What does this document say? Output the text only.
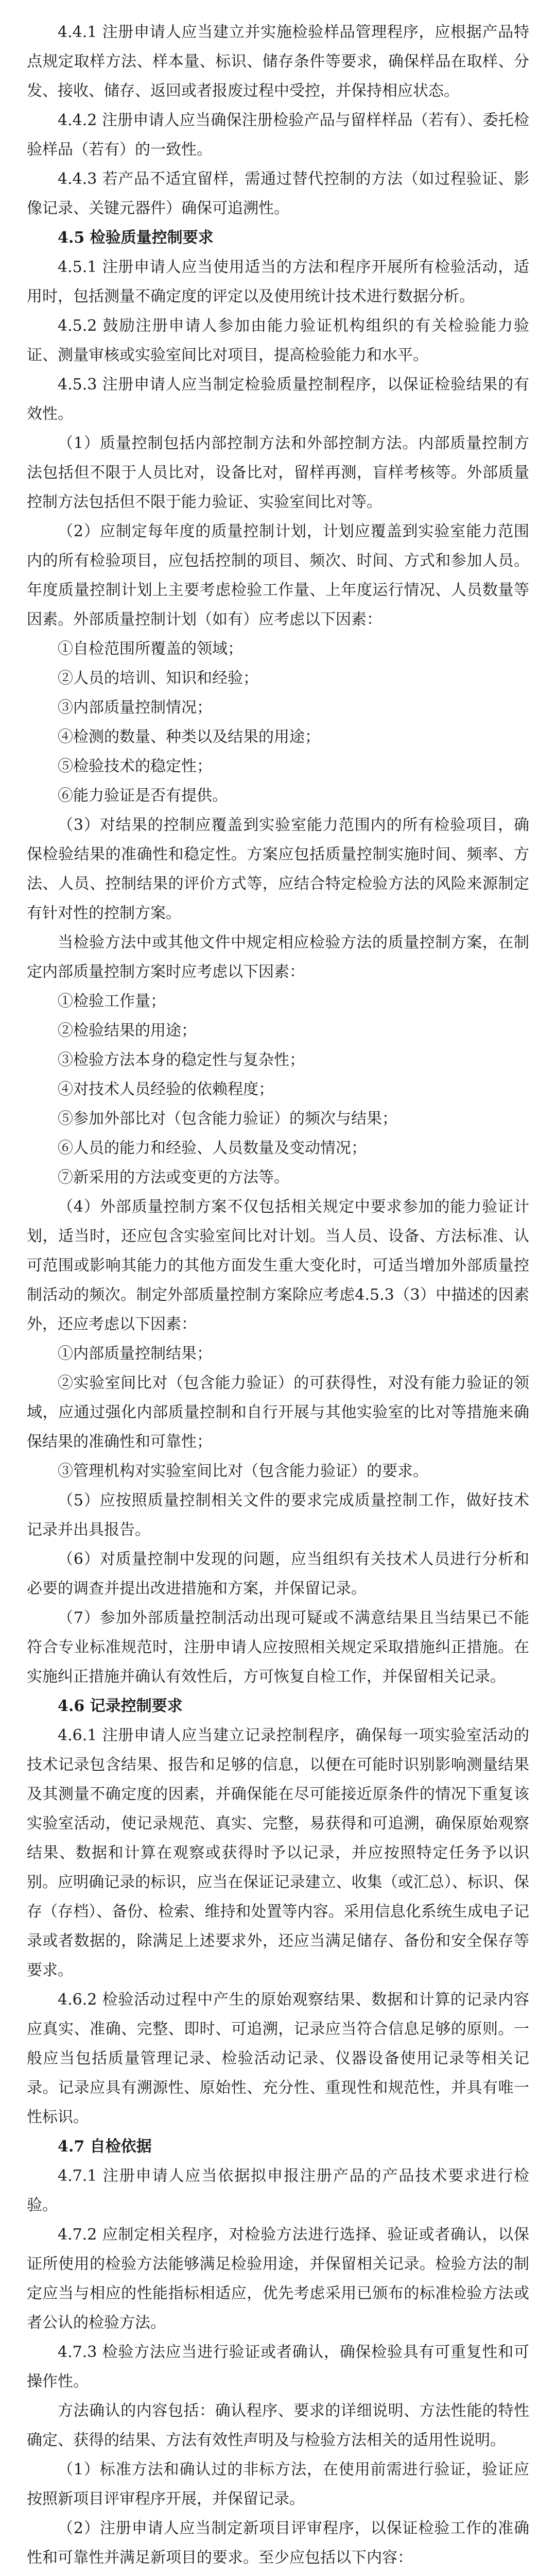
4.4.1 注册申请人应当建立并实施检验样品管理程序，应根据产品特点规定取样方法、样本量、标识、储存条件等要求，确保样品在取样、分发、接收、储存、返回或者报废过程中受控，并保持相应状态。

4.4.2 注册申请人应当确保注册检验产品与留样样品（若有）、委托检验样品（若有）的一致性。

4.4.3 若产品不适宜留样，需通过替代控制的方法（如过程验证、影像记录、关键元器件）确保可追溯性。

4.5 检验质量控制要求

4.5.1 注册申请人应当使用适当的方法和程序开展所有检验活动，适用时，包括测量不确定度的评定以及使用统计技术进行数据分析。

4.5.2 鼓励注册申请人参加由能力验证机构组织的有关检验能力验证、测量审核或实验室间比对项目，提高检验能力和水平。

4.5.3 注册申请人应当制定检验质量控制程序，以保证检验结果的有效性。

（1）质量控制包括内部控制方法和外部控制方法。内部质量控制方法包括但不限于人员比对，设备比对，留样再测，盲样考核等。外部质量控制方法包括但不限于能力验证、实验室间比对等。

（2）应制定每年度的质量控制计划，计划应覆盖到实验室能力范围内的所有检验项目，应包括控制的项目、频次、时间、方式和参加人员。年度质量控制计划上主要考虑检验工作量、上年度运行情况、人员数量等因素。外部质量控制计划（如有）应考虑以下因素：

①自检范围所覆盖的领域；

②人员的培训、知识和经验；

③内部质量控制情况；

④检测的数量、种类以及结果的用途；

⑤检验技术的稳定性；

⑥能力验证是否有提供。

（3）对结果的控制应覆盖到实验室能力范围内的所有检验项目，确保检验结果的准确性和稳定性。方案应包括质量控制实施时间、频率、方法、人员、控制结果的评价方式等，应结合特定检验方法的风险来源制定有针对性的控制方案。

当检验方法中或其他文件中规定相应检验方法的质量控制方案，在制定内部质量控制方案时应考虑以下因素：

①检验工作量；

②检验结果的用途；

③检验方法本身的稳定性与复杂性；

④对技术人员经验的依赖程度；

⑤参加外部比对（包含能力验证）的频次与结果；

⑥人员的能力和经验、人员数量及变动情况；

⑦新采用的方法或变更的方法等。

（4）外部质量控制方案不仅包括相关规定中要求参加的能力验证计划，适当时，还应包含实验室间比对计划。当人员、设备、方法标准、认可范围或影响其能力的其他方面发生重大变化时，可适当增加外部质量控制活动的频次。制定外部质量控制方案除应考虑4.5.3（3）中描述的因素外，还应考虑以下因素：

①内部质量控制结果；

②实验室间比对（包含能力验证）的可获得性，对没有能力验证的领域，应通过强化内部质量控制和自行开展与其他实验室的比对等措施来确保结果的准确性和可靠性；

③管理机构对实验室间比对（包含能力验证）的要求。

（5）应按照质量控制相关文件的要求完成质量控制工作，做好技术记录并出具报告。

（6）对质量控制中发现的问题，应当组织有关技术人员进行分析和必要的调查并提出改进措施和方案，并保留记录。

（7）参加外部质量控制活动出现可疑或不满意结果且当结果已不能符合专业标准规范时，注册申请人应按照相关规定采取措施纠正措施。在实施纠正措施并确认有效性后，方可恢复自检工作，并保留相关记录。

4.6 记录控制要求

4.6.1 注册申请人应当建立记录控制程序，确保每一项实验室活动的技术记录包含结果、报告和足够的信息，以便在可能时识别影响测量结果及其测量不确定度的因素，并确保能在尽可能接近原条件的情况下重复该实验室活动，使记录规范、真实、完整，易获得和可追溯，确保原始观察结果、数据和计算在观察或获得时予以记录，并应按照特定任务予以识别。应明确记录的标识，应当在保证记录建立、收集（或汇总）、标识、保存（存档）、备份、检索、维持和处置等内容。采用信息化系统生成电子记录或者数据的，除满足上述要求外，还应当满足储存、备份和安全保存等要求。

4.6.2 检验活动过程中产生的原始观察结果、数据和计算的记录内容应真实、准确、完整、即时、可追溯，记录应当符合信息足够的原则。一般应当包括质量管理记录、检验活动记录、仪器设备使用记录等相关记录。记录应具有溯源性、原始性、充分性、重现性和规范性，并具有唯一性标识。

4.7 自检依据

4.7.1 注册申请人应当依据拟申报注册产品的产品技术要求进行检验。

4.7.2 应制定相关程序，对检验方法进行选择、验证或者确认，以保证所使用的检验方法能够满足检验用途，并保留相关记录。检验方法的制定应当与相应的性能指标相适应，优先考虑采用已颁布的标准检验方法或者公认的检验方法。

4.7.3 检验方法应当进行验证或者确认，确保检验具有可重复性和可操作性。

方法确认的内容包括：确认程序、要求的详细说明、方法性能的特性确定、获得的结果、方法有效性声明及与检验方法相关的适用性说明。

（1）标准方法和确认过的非标方法，在使用前需进行验证，验证应按照新项目评审程序开展，并保留记录。

（2）注册申请人应当制定新项目评审程序，以保证检验工作的准确性和可靠性并满足新项目的要求。至少应包括以下内容：
